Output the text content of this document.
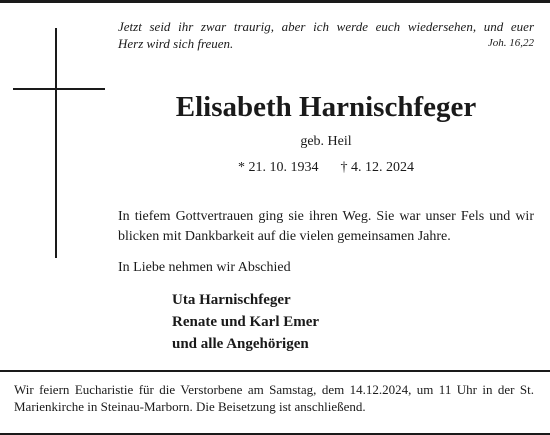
Jetzt seid ihr zwar traurig, aber ich werde euch wiedersehen, und euer
Herz wird sich freuen.	Joh. 16,22
Elisabeth Harnischfeger
geb. Heil
* 21. 10. 1934 † 4. 12. 2024
In tiefem Gottvertrauen ging sie ihren Weg. Sie war unser Fels und wir blicken mit Dankbarkeit auf die vielen gemeinsamen Jahre.
In Liebe nehmen wir Abschied
Uta Harnischfeger
Renate und Karl Emer
und alle Angehörigen
Wir feiern Eucharistie für die Verstorbene am Samstag, dem 14.12.2024, um 11 Uhr in der St. Marienkirche in Steinau-Marborn. Die Beisetzung ist anschließend.
